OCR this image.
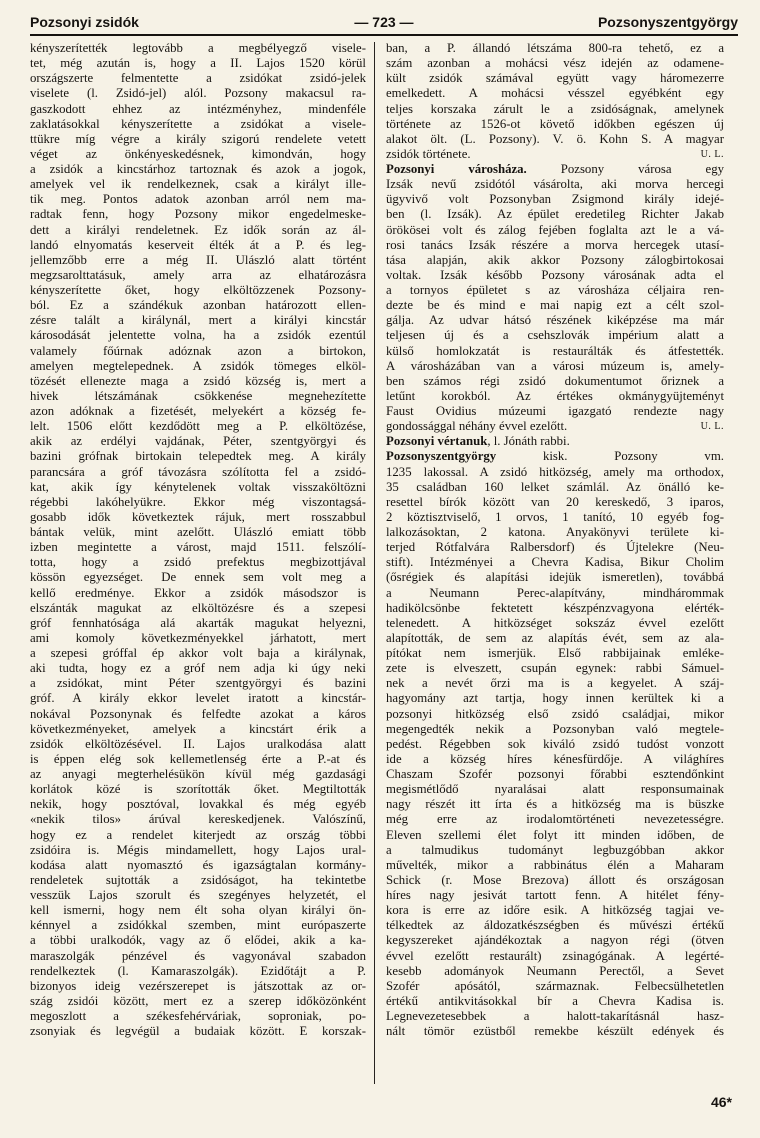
Pozsonyi zsidók	— 723 —	Pozsonyszentgyörgy
kényszerítették legtovább a megbélyegző visele-
tet, még azután is, hogy a II. Lajos 1520 körül
országszerte felmentette a zsidókat zsidó-jelek
viselete (l. Zsidó-jel) alól. Pozsony makacsul ra-
gaszkodott ehhez az intézményhez, mindenféle
zaklatásokkal kényszerítette a zsidókat a visele-
ttükre míg végre a király szigorú rendelete vetett
véget az önkényeskedésnek, kimondván, hogy
a zsidók a kincstárhoz tartoznak és azok a jogok,
amelyek vel ik rendelkeznek, csak a királyt ille-
tik meg. Pontos adatok azonban arról nem ma-
radtak fenn, hogy Pozsony mikor engedelmeske-
dett a királyi rendeletnek. Ez idők során az ál-
landó elnyomatás keserveit élték át a P. és leg-
jellemzőbb erre a még II. Ulászló alatt történt
megzsarolttatásuk, amely arra az elhatározásra
kényszerítette őket, hogy elköltözzenek Pozsony-
ból. Ez a szándékuk azonban határozott ellen-
zésre talált a királynál, mert a királyi kincstár
károsodását jelentette volna, ha a zsidók ezentúl
valamely főúrnak adóznak azon a birtokon,
amelyen megtelepednek. A zsidók tömeges elköl-
tözését ellenezte maga a zsidó község is, mert a
hivek létszámának csökkenése megnehezítette
azon adóknak a fizetését, melyekért a község fe-
lelt. 1506 előtt kezdődött meg a P. elköltözése,
akik az erdélyi vajdának, Péter, szentgyörgyi és
bazini grófnak birtokain telepedtek meg. A király
parancsára a gróf távozásra szólította fel a zsidó-
kat, akik így kénytelenek voltak visszaköltözni
régebbi lakóhelyükre. Ekkor még viszontagsá-
gosabb idők következtek rájuk, mert rosszabbul
bántak velük, mint azelőtt. Ulászló emiatt több
izben megintette a várost, majd 1511. felszólí-
totta, hogy a zsidó prefektus megbizottjával
kössön egyezséget. De ennek sem volt meg a
kellő eredménye. Ekkor a zsidók másodszor is
elszánták magukat az elköltözésre és a szepesi
gróf fennhatósága alá akarták magukat helyezni,
ami komoly következményekkel járhatott, mert
a szepesi gróffal ép akkor volt baja a királynak,
aki tudta, hogy ez a gróf nem adja ki úgy neki
a zsidókat, mint Péter szentgyörgyi és bazini
gróf. A király ekkor levelet iratott a kincstár-
nokával Pozsonynak és felfedte azokat a káros
következményeket, amelyek a kincstárt érik a
zsidók elköltözésével. II. Lajos uralkodása alatt
is éppen elég sok kellemetlenség érte a P.-at és
az anyagi megterhelésükön kívül még gazdasági
korlátok közé is szorították őket. Megtiltották
nekik, hogy posztóval, lovakkal és még egyéb
«nekik tilos» árúval kereskedjenek. Valószínű,
hogy ez a rendelet kiterjedt az ország többi
zsidóira is. Mégis mindamellett, hogy Lajos ural-
kodása alatt nyomasztó és igazságtalan kormány-
rendeletek sujtották a zsidóságot, ha tekintetbe
vesszük Lajos szorult és szegényes helyzetét, el
kell ismerni, hogy nem élt soha olyan királyi ön-
kénnyel a zsidókkal szemben, mint európaszerte
a többi uralkodók, vagy az ő elődei, akik a ka-
maraszolgák pénzével és vagyonával szabadon
rendelkeztek (l. Kamaraszolgák). Ezidőtájt a P.
bizonyos ideig vezérszerepet is játszottak az or-
szág zsidói között, mert ez a szerep időközönként
megoszlott a székesfehérváriak, soproniak, po-
zsonyiak és legvégül a budaiak között. E korszak-
ban, a P. állandó létszáma 800-ra tehető, ez a
szám azonban a mohácsi vész idején az odamene-
kült zsidók számával együtt vagy háromezerre
emelkedett. A mohácsi vésszel egyébként egy
teljes korszaka zárult le a zsidóságnak, amelynek
története az 1526-ot követő időkben egészen új
alakot ölt. (L. Pozsony). V. ö. Kohn S. A magyar
zsidók története.	U. L.
Pozsonyi városháza. Pozsony városa egy
Izsák nevű zsidótól vásárolta, aki morva hercegi
ügyvivő volt Pozsonyban Zsigmond király idejé-
ben (l. Izsák). Az épület eredetileg Richter Jakab
örökösei volt és zálog fejében foglalta azt le a vá-
rosi tanács Izsák részére a morva hercegek utasí-
tása alapján, akik akkor Pozsony zálogbirtokosai
voltak. Izsák később Pozsony városának adta el
a tornyos épületet s az városháza céljaira ren-
dezte be és mind e mai napig ezt a célt szol-
gálja. Az udvar hátsó részének kiképzése ma már
teljesen új és a csehszlovák impérium alatt a
külső homlokzatát is restaurálták és átfestették.
A városházában van a városi múzeum is, amely-
ben számos régi zsidó dokumentumot őriznek a
letűnt korokból. Az értékes okmánygyüjteményt
Faust Ovidius múzeumi igazgató rendezte nagy
gondossággal néhány évvel ezelőtt.	U. L.
Pozsonyi vértanuk, l. Jónáth rabbi.
Pozsonyszentgyörgy kisk. Pozsony vm.
1235 lakossal. A zsidó hitközség, amely ma orthodox,
35 családban 160 lelket számlál. Az önálló ke-
resettel bírók között van 20 kereskedő, 3 iparos,
2 köztisztviselő, 1 orvos, 1 tanító, 10 egyéb fog-
lalkozásoktan, 2 katona. Anyakönyvi területe ki-
terjed Rótfalvára Ralbersdorf) és Újtelekre (Neu-
stift). Intézményei a Chevra Kadisa, Bikur Cholim
(ősrégiek és alapítási idejük ismeretlen), továbbá
a Neumann Perec-alapítvány, mindhárommak
hadikölcsönbe fektetett készpénzvagyona elérték-
telenedett. A hitközséget sokszáz évvel ezelőtt
alapították, de sem az alapítás évét, sem az ala-
pítókat nem ismerjük. Első rabbijainak emléke-
zete is elveszett, csupán egynek: rabbi Sámuel-
nek a nevét őrzi ma is a kegyelet. A száj-
hagyomány azt tartja, hogy innen kerültek ki a
pozsonyi hitközség első zsidó családjai, mikor
megengedték nekik a Pozsonyban való megtele-
pedést. Régebben sok kiváló zsidó tudóst vonzott
ide a község híres kénesfürdője. A világhíres
Chaszam Szofér pozsonyi főrabbi esztendőnkint
megismétlődő nyaralásai alatt responsumainak
nagy részét itt írta és a hitközség ma is büszke
még erre az irodalomtörténeti nevezetességre.
Eleven szellemi élet folyt itt minden időben, de
a talmudikus tudományt legbuzgóbban akkor
művelték, mikor a rabbinátus élén a Maharam
Schick (r. Mose Brezova) állott és országosan
híres nagy jesivát tartott fenn. A hitélet fény-
kora is erre az időre esik. A hitközség tagjai ve-
télkedtek az áldozatkészségben és művészi értékű
kegyszereket ajándékoztak a nagyon régi (ötven
évvel ezelőtt restaurált) zsinagógának. A legérté-
kesebb adományok Neumann Perectől, a Sevet
Szofér apósától, származnak. Felbecsülhetetlen
értékű antikvitásokkal bír a Chevra Kadisa is.
Legnevezetesebbek a halott-takarításnál hasz-
nált tömör ezüstből remekbe készült edények és
46*
